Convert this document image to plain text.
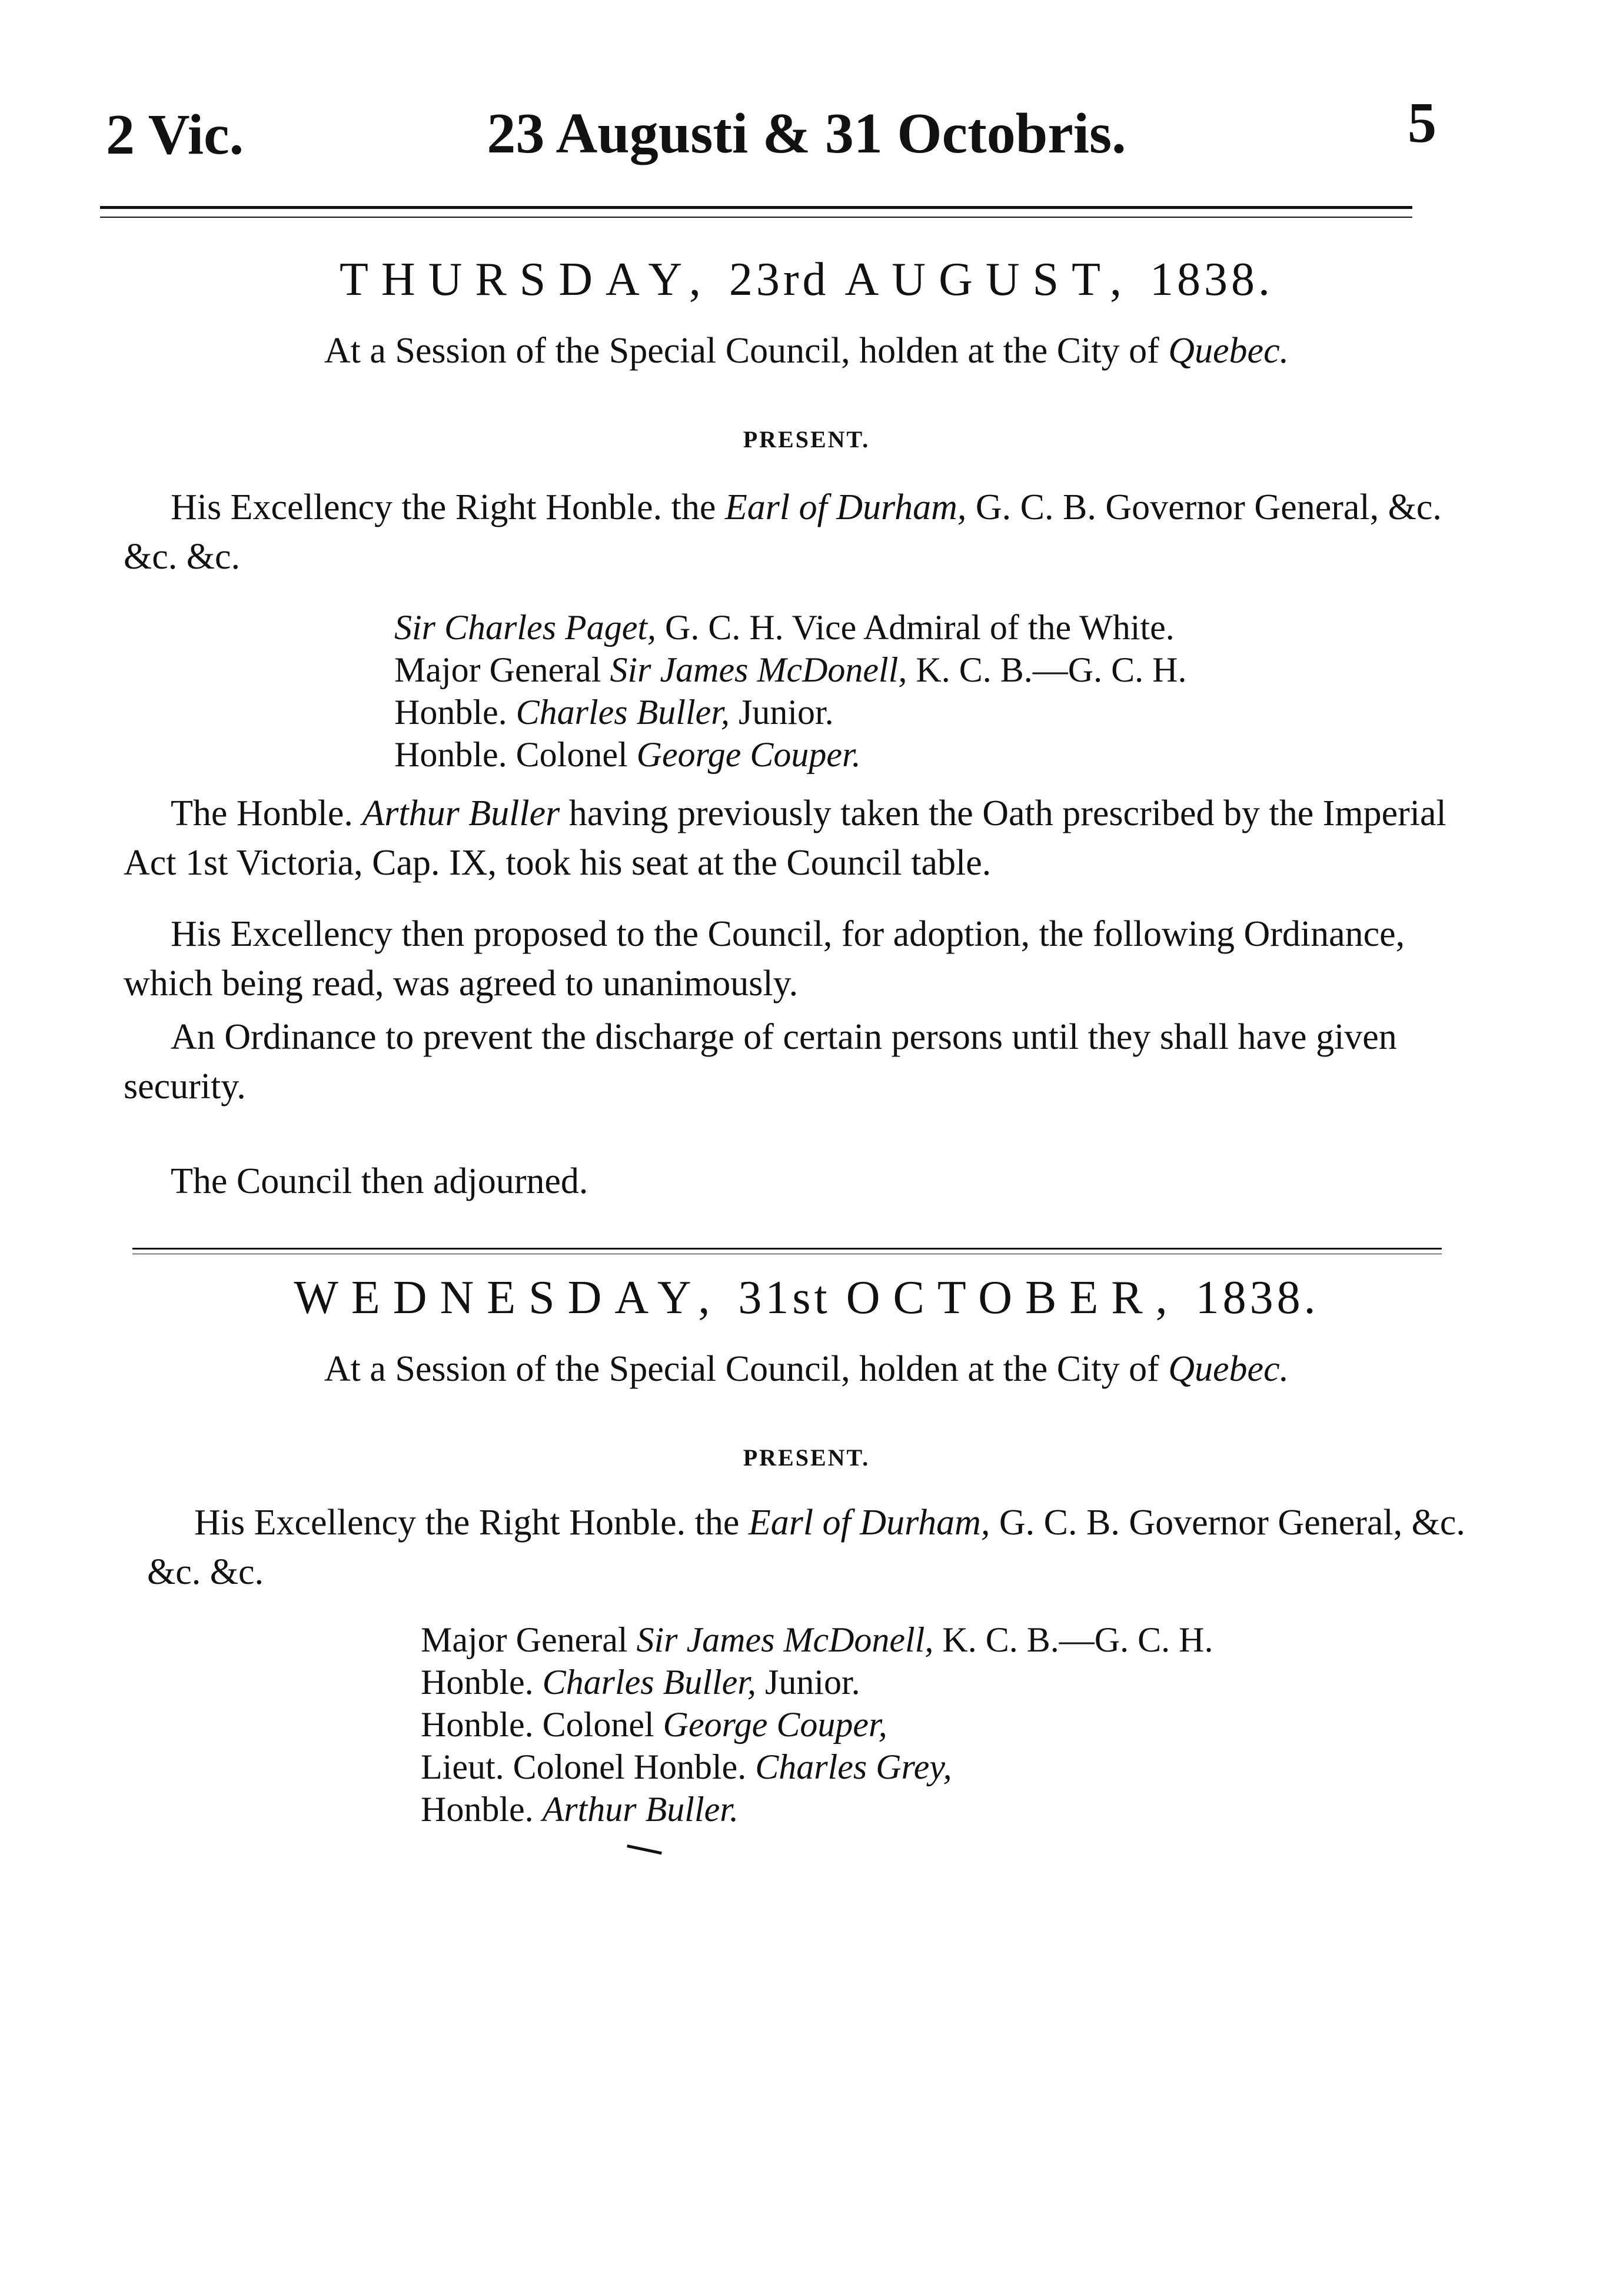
2 Vic.	23 Augusti & 31 Octobris.	5
THURSDAY, 23rd AUGUST, 1838.
At a Session of the Special Council, holden at the City of Quebec.
PRESENT.
His Excellency the Right Honble. the Earl of Durham, G. C. B. Governor General, &c. &c. &c.
Sir Charles Paget, G. C. H. Vice Admiral of the White.
Major General Sir James McDonell, K. C. B.—G. C. H.
Honble. Charles Buller, Junior.
Honble. Colonel George Couper.
The Honble. Arthur Buller having previously taken the Oath prescribed by the Imperial Act 1st Victoria, Cap. IX, took his seat at the Council table.
His Excellency then proposed to the Council, for adoption, the following Ordinance, which being read, was agreed to unanimously.
An Ordinance to prevent the discharge of certain persons until they shall have given security.
The Council then adjourned.
WEDNESDAY, 31st OCTOBER, 1838.
At a Session of the Special Council, holden at the City of Quebec.
PRESENT.
His Excellency the Right Honble. the Earl of Durham, G. C. B. Governor General, &c. &c. &c.
Major General Sir James McDonell, K. C. B.—G. C. H.
Honble. Charles Buller, Junior.
Honble. Colonel George Couper,
Lieut. Colonel Honble. Charles Grey,
Honble. Arthur Buller.
